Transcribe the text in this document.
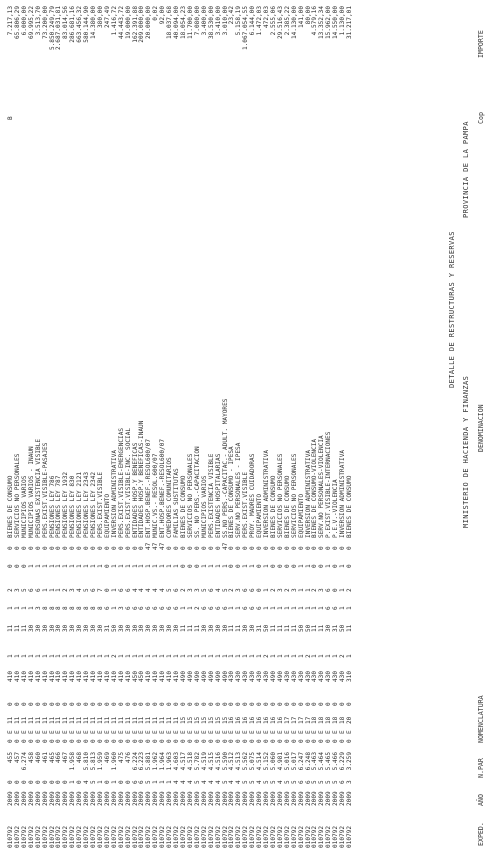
MINISTERIO DE HACIENDA Y FINANZAS
PROVINCIA DE LA PAMPA
DETALLE DE RESTRUCTURAS Y RESERVAS
EXPED.
AÑO
N.PAR
NOMENCLATURA
DENOMINACION
Cop
IMPORTE
010792
2009
0
455
0
E
11
0
410
1
11
1
2
0
0
BIENES DE CONSUMO
B
7.217,13
010792
2009
0
457
0
E
11
0
410
1
11
1
3
0
0
SERVICIOS NO PERSONALES
65.806,29
010792
2009
0
6.274
0
E
11
0
410
1
11
1
5
0
0
MUNICIPIOS VARIOS
6.000,00
010792
2009
0
458
0
E
11
0
410
1
30
1
6
1
0
MUNICIPIOS VARIOS - INAUN
69.995,22
010792
2009
0
460
0
E
11
0
410
1
30
3
6
1
0
PERSONAS EXISTENCIA VISIBLE
3.513,70
010792
2009
0
461
0
E
11
0
410
1
30
8
1
1
0
PERS.EXIST.VISIBLE-PASAJES
73.200,00
010792
2009
0
465
0
E
11
0
410
1
30
8
1
1
0
PENSIONES LEY 786
5.850.249,79
010792
2009
0
466
0
E
11
0
410
1
30
8
1
1
0
PENSIONES LEY 787
2.687.031,81
010792
2009
0
467
0
E
11
0
410
1
30
8
2
1
0
PENSIONES LEY 1932
83.014,56
010792
2009
1
1.958
0
E
11
0
410
1
30
8
3
1
0
PENSIONES LEY 830
286.681,16
010792
2009
0
468
0
E
11
0
410
1
30
8
4
1
0
PENSIONES LEY 2121
663.456,32
010792
2009
4
5.810
0
E
11
0
410
1
30
8
5
1
0
PENSIONES LEY 2343
580.144,90
010792
2009
5
5.813
0
E
11
0
410
1
30
8
6
1
0
PENSIONES LEY 2342
14.380,00
010792
2009
1
1.959
0
E
11
0
410
1
30
8
7
1
0
PERS.EXIST.VISIBLE
380,00
010792
2009
0
469
0
E
11
0
410
1
31
6
0
0
0
EQUIPAMIENTO
247,49
010792
2009
1
1.960
0
E
11
0
410
2
50
1
1
1
0
INVERSION ADMINISTRATIVA
1.416,72
010792
2009
0
475
0
E
11
0
410
1
30
3
6
1
0
PERS.EXIST.VISIBLE-EMERGENCIAS
44.443,72
010792
2009
0
476
0
E
11
0
410
1
30
6
6
1
0
PERS.EXIST.VISIBLE-INC. SOCIAL
19.000,00
010792
2009
6
6.224
0
E
11
0
450
1
30
6
4
1
0
ENTIDADES HOSP.Y BENEFICAS
162.391,88
010792
2009
6
6.223
0
E
11
0
450
1
30
6
4
1
0
ENTIDADES HOSP.Y BENEFICAS-INAUN
209.000,00
010792
2009
5
5.881
0
E
11
0
410
1
30
6
4
1
47
ENT.HOSP.BENEF.-RESOL600/07
20.000,00
010792
2009
1
1.962
0
E
11
0
410
1
30
6
4
1
47
MUNIC.VS.- RESOL.600/07
0,02
010792
2009
1
1.964
0
E
11
0
410
1
30
6
4
1
47
ENT.HOSP.BENEF.-RESOL600/07
92,00
010792
2009
1
1.963
0
E
11
0
410
1
30
6
5
1
0
COMEDORES COMUNITARIOS
18.037,68
010792
2009
4
4.603
0
E
11
0
410
1
30
6
6
1
0
FAMILIAS SUSTITUTAS
40.094,00
010792
2009
4
4.517
0
E
15
0
490
1
11
1
2
0
0
BIENES DE CONSUMO
18.054,23
010792
2009
4
4.518
0
E
15
0
490
1
11
1
3
0
0
SERVICIOS NO PERSONALES
11.700,00
010792
2009
5
5.782
0
E
15
0
490
1
11
2
3
0
0
SS. NO PERS.-CAPACITACION
7.080,00
010792
2009
4
4.519
0
E
15
0
490
1
30
6
5
1
0
MUNICIPIOS VARIOS
3.400,00
010792
2009
4
4.515
0
E
15
0
490
1
30
6
6
1
0
PERS.EXISTENCIA VISIBLE
38.530,00
010792
2009
4
4.516
0
E
15
0
490
1
30
6
4
1
0
ENTIDADES HOSPITALARIAS
3.410,00
010792
2009
5
5.590
0
E
15
0
490
1
30
6
5
1
47
SS.NO PERS.-CAPACITAC.- ADULT. MAYORES
3.010,00
010792
2009
4
4.512
0
E
16
0
430
1
11
1
2
0
0
BIENES DE CONSUMO - IPESA
23,42
010792
2009
4
4.513
0
E
16
0
430
1
11
1
3
0
0
SERV.NO PERSONALES - IPESA
5.158,19
010792
2009
5
5.562
0
E
16
0
430
1
30
6
6
1
0
PERS.EXIST.VISIBLE
1.067.054,55
010792
2009
5
5.075
0
E
16
0
430
1
30
6
6
1
0
PROY. MADRES CUIDADORAS
6.144,00
010792
2009
4
4.514
0
E
16
0
430
1
31
6
0
0
0
EQUIPAMIENTO
1.472,03
010792
2009
5
5.152
0
E
16
0
430
2
50
1
1
1
0
INVERSION ADMINISTRATIVA
472,03
010792
2009
5
5.060
0
E
16
0
490
1
11
1
2
0
0
BIENES DE CONSUMO
2.555,06
010792
2009
4
4.981
0
E
16
0
490
1
11
1
3
0
0
SERVICIOS NO PERSONALES
29.516,43
010792
2009
5
5.016
0
E
17
0
430
1
11
1
2
0
0
BIENES DE CONSUMO
2.385,22
010792
2009
5
5.017
0
E
17
0
430
1
11
1
3
0
0
SERVICIOS NO PERSONALES
14.130,00
010792
2009
6
6.247
0
E
17
0
430
1
50
1
1
1
0
EQUIPAMIENTO
141,00
010792
2009
6
6.248
0
E
17
0
430
2
50
1
1
1
0
INVERSION ADMINISTRATIVA
80,00
010792
2009
5
5.463
0
E
18
0
430
1
11
1
2
0
0
BIENES DE CONSUMO-VIOLENCIA
4.579,16
010792
2009
5
5.464
0
E
18
0
430
1
11
1
3
0
0
SERV.NO PERSONALES-VIOLENCIA
13.352,34
010792
2009
5
5.465
0
E
18
0
430
1
30
6
6
1
0
P.EXIST.VISIBLE-INTERNACIONES
15.962,00
010792
2009
5
5.466
0
E
18
0
430
1
31
6
0
0
0
P.E.V.-VIOLENCIA
14.550,00
010792
2009
6
6.229
0
E
18
0
430
2
50
1
1
1
0
INVERSION ADMINISTRATIVA
1.130,00
010792
2009
3
3.259
0
E
20
0
310
1
11
1
2
0
0
BIENES DE CONSUMO
31.217,01
